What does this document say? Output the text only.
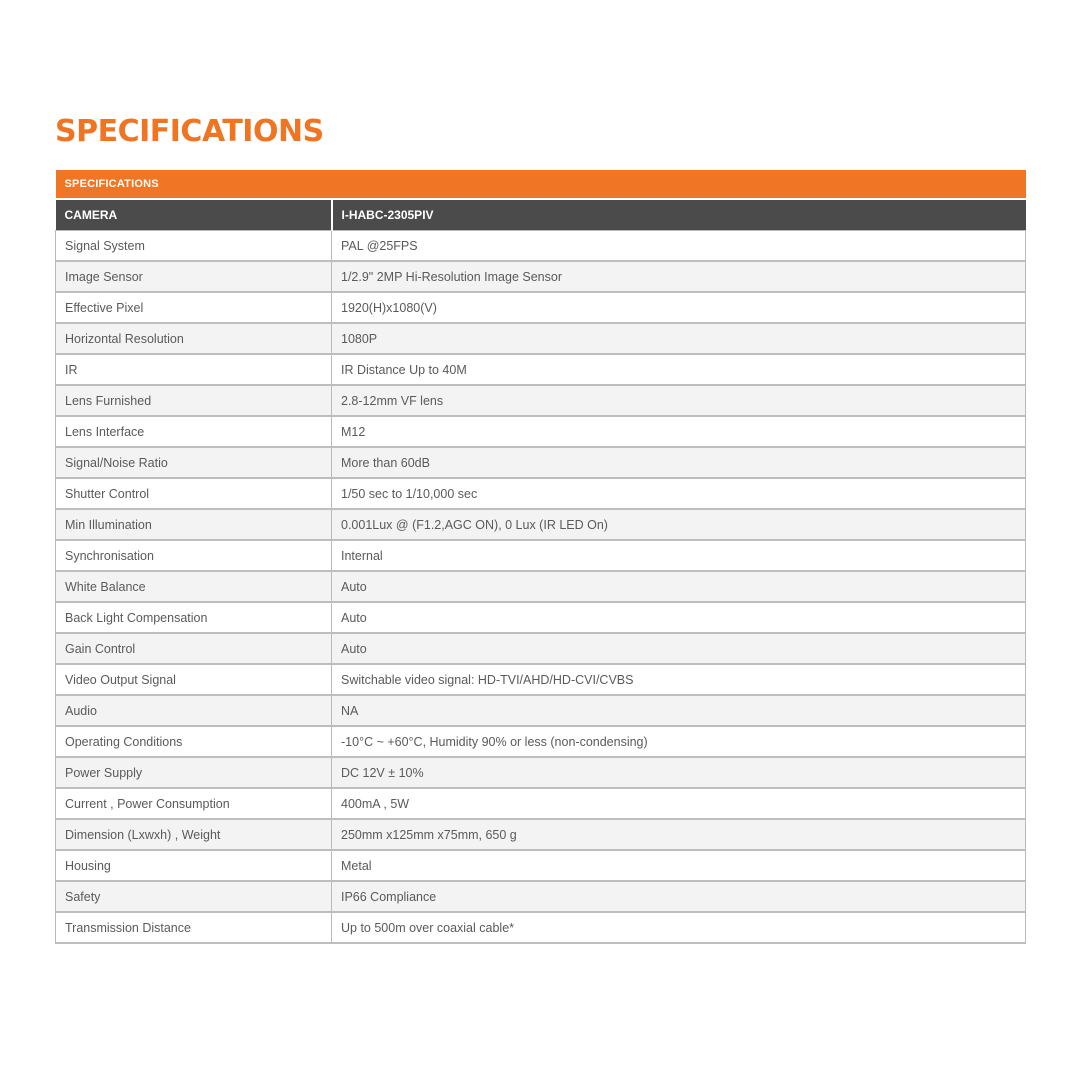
SPECIFICATIONS
SPECIFICATIONS	
CAMERA	I-HABC-2305PIV
Signal System	PAL @25FPS
Image Sensor	1/2.9" 2MP Hi-Resolution Image Sensor
Effective Pixel	1920(H)x1080(V)
Horizontal Resolution	1080P
IR	IR Distance Up to 40M
Lens Furnished	2.8-12mm VF lens
Lens Interface	M12
Signal/Noise Ratio	More than 60dB
Shutter Control	1/50 sec to 1/10,000 sec
Min Illumination	0.001Lux @ (F1.2,AGC ON), 0 Lux (IR LED On)
Synchronisation	Internal
White Balance	Auto
Back Light Compensation	Auto
Gain Control	Auto
Video Output Signal	Switchable video signal: HD-TVI/AHD/HD-CVI/CVBS
Audio	NA
Operating Conditions	-10°C ~ +60°C, Humidity 90% or less (non-condensing)
Power Supply	DC 12V ± 10%
Current , Power Consumption	400mA , 5W
Dimension (Lxwxh) , Weight	250mm x125mm x75mm, 650 g
Housing	Metal
Safety	IP66 Compliance
Transmission Distance	Up to 500m over coaxial cable*
